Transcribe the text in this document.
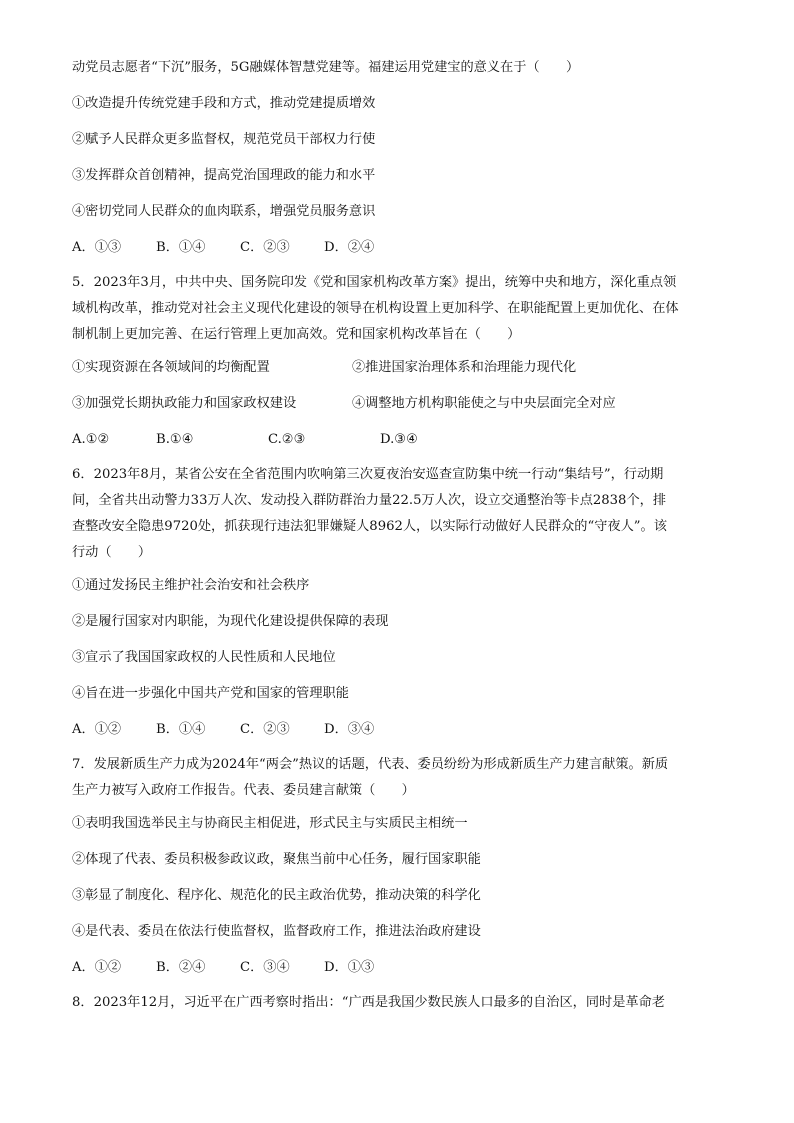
动党员志愿者“下沉”服务，5G融媒体智慧党建等。福建运用党建宝的意义在于（　　）
①改造提升传统党建手段和方式，推动党建提质增效
②赋予人民群众更多监督权，规范党员干部权力行使
③发挥群众首创精神，提高党治国理政的能力和水平
④密切党同人民群众的血肉联系，增强党员服务意识
A．①③	B．①④	C．②③	D．②④
5．2023年3月，中共中央、国务院印发《党和国家机构改革方案》提出，统筹中央和地方，深化重点领
域机构改革，推动党对社会主义现代化建设的领导在机构设置上更加科学、在职能配置上更加优化、在体
制机制上更加完善、在运行管理上更加高效。党和国家机构改革旨在（　　）
①实现资源在各领域间的均衡配置	②推进国家治理体系和治理能力现代化
③加强党长期执政能力和国家政权建设	④调整地方机构职能使之与中央层面完全对应
A.①②	B.①④	C.②③	D.③④
6．2023年8月，某省公安在全省范围内吹响第三次夏夜治安巡查宣防集中统一行动“集结号”，行动期
间，全省共出动警力33万人次、发动投入群防群治力量22.5万人次，设立交通整治等卡点2838个，排
查整改安全隐患9720处，抓获现行违法犯罪嫌疑人8962人，以实际行动做好人民群众的“守夜人”。该
行动（　　）
①通过发扬民主维护社会治安和社会秩序
②是履行国家对内职能，为现代化建设提供保障的表现
③宣示了我国国家政权的人民性质和人民地位
④旨在进一步强化中国共产党和国家的管理职能
A．①②	B．①④	C．②③	D．③④
7．发展新质生产力成为2024年“两会”热议的话题，代表、委员纷纷为形成新质生产力建言献策。新质
生产力被写入政府工作报告。代表、委员建言献策（　　）
①表明我国选举民主与协商民主相促进，形式民主与实质民主相统一
②体现了代表、委员积极参政议政，聚焦当前中心任务，履行国家职能
③彰显了制度化、程序化、规范化的民主政治优势，推动决策的科学化
④是代表、委员在依法行使监督权，监督政府工作，推进法治政府建设
A．①②	B．②④	C．③④	D．①③
8．2023年12月，习近平在广西考察时指出：“广西是我国少数民族人口最多的自治区，同时是革命老
